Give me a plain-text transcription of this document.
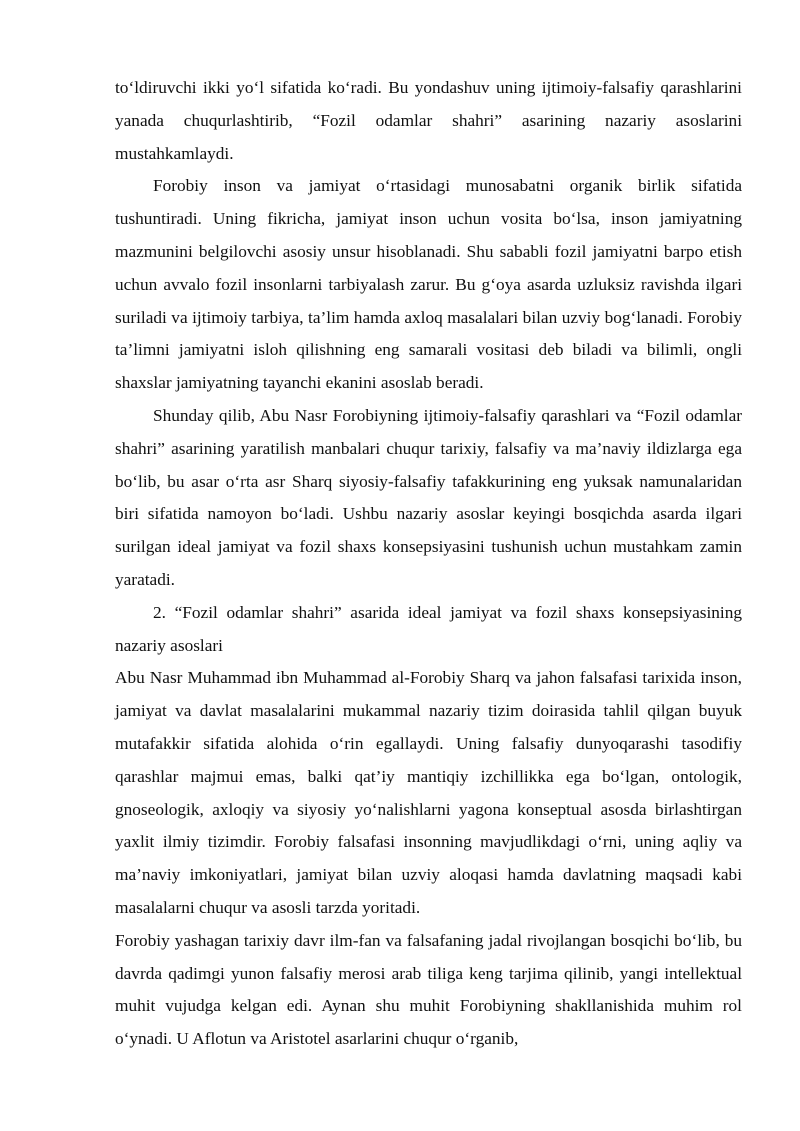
to‘ldiruvchi ikki yo‘l sifatida ko‘radi. Bu yondashuv uning ijtimoiy-falsafiy qarashlarini yanada chuqurlashtirib, “Fozil odamlar shahri” asarining nazariy asoslarini mustahkamlaydi.

Forobiy inson va jamiyat o‘rtasidagi munosabatni organik birlik sifatida tushuntiradi. Uning fikricha, jamiyat inson uchun vosita bo‘lsa, inson jamiyatning mazmunini belgilovchi asosiy unsur hisoblanadi. Shu sababli fozil jamiyatni barpo etish uchun avvalo fozil insonlarni tarbiyalash zarur. Bu g‘oya asarda uzluksiz ravishda ilgari suriladi va ijtimoiy tarbiya, ta’lim hamda axloq masalalari bilan uzviy bog‘lanadi. Forobiy ta’limni jamiyatni isloh qilishning eng samarali vositasi deb biladi va bilimli, ongli shaxslar jamiyatning tayanchi ekanini asoslab beradi.

Shunday qilib, Abu Nasr Forobiyning ijtimoiy-falsafiy qarashlari va “Fozil odamlar shahri” asarining yaratilish manbalari chuqur tarixiy, falsafiy va ma’naviy ildizlarga ega bo‘lib, bu asar o‘rta asr Sharq siyosiy-falsafiy tafakkurining eng yuksak namunalaridan biri sifatida namoyon bo‘ladi. Ushbu nazariy asoslar keyingi bosqichda asarda ilgari surilgan ideal jamiyat va fozil shaxs konsepsiyasini tushunish uchun mustahkam zamin yaratadi.

2. “Fozil odamlar shahri” asarida ideal jamiyat va fozil shaxs konsepsiyasining nazariy asoslari

Abu Nasr Muhammad ibn Muhammad al-Forobiy Sharq va jahon falsafasi tarixida inson, jamiyat va davlat masalalarini mukammal nazariy tizim doirasida tahlil qilgan buyuk mutafakkir sifatida alohida o‘rin egallaydi. Uning falsafiy dunyoqarashi tasodifiy qarashlar majmui emas, balki qat’iy mantiqiy izchillikka ega bo‘lgan, ontologik, gnoseologik, axloqiy va siyosiy yo‘nalishlarni yagona konseptual asosda birlashtirgan yaxlit ilmiy tizimdir. Forobiy falsafasi insonning mavjudlikdagi o‘rni, uning aqliy va ma’naviy imkoniyatlari, jamiyat bilan uzviy aloqasi hamda davlatning maqsadi kabi masalalarni chuqur va asosli tarzda yoritadi.

Forobiy yashagan tarixiy davr ilm-fan va falsafaning jadal rivojlangan bosqichi bo‘lib, bu davrda qadimgi yunon falsafiy merosi arab tiliga keng tarjima qilinib, yangi intellektual muhit vujudga kelgan edi. Aynan shu muhit Forobiyning shakllanishida muhim rol o‘ynadi. U Aflotun va Aristotel asarlarini chuqur o‘rganib,
